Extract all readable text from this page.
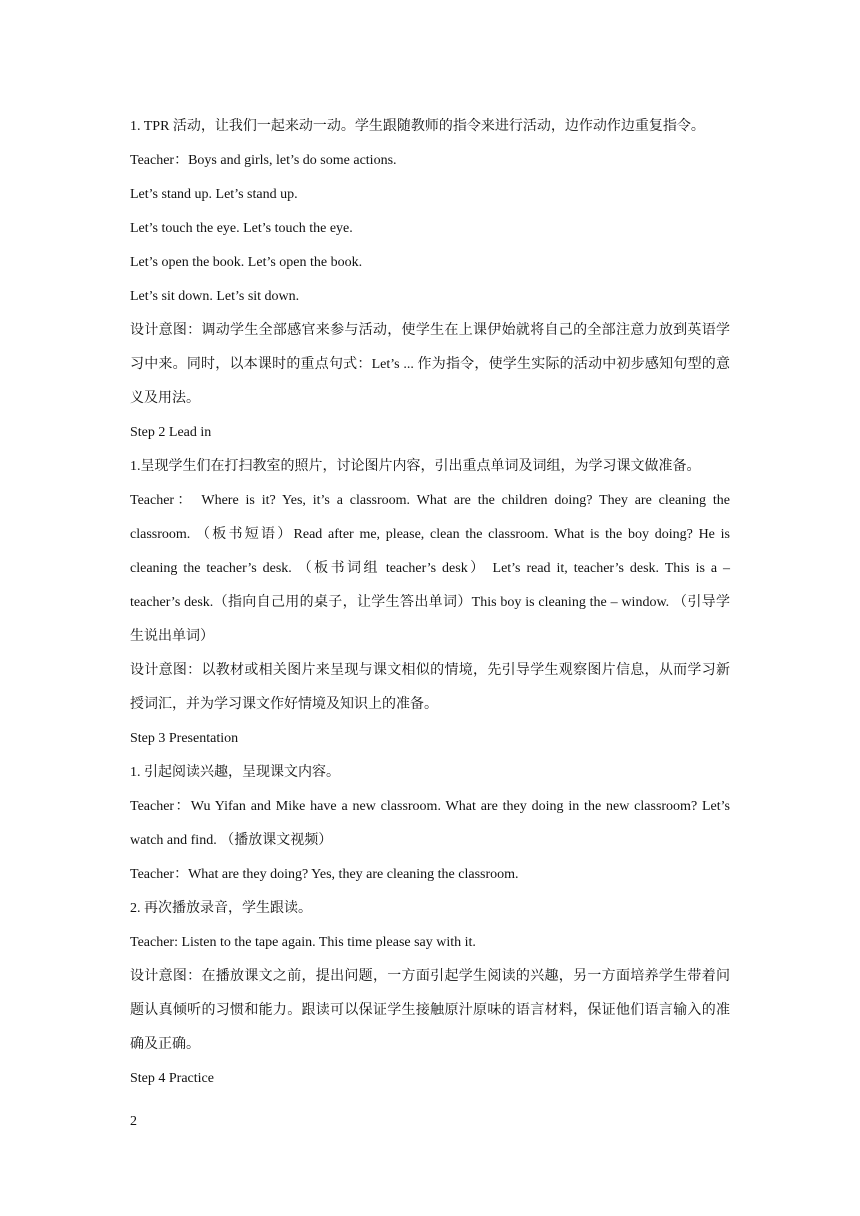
1. TPR 活动，让我们一起来动一动。学生跟随教师的指令来进行活动，边作动作边重复指令。

Teacher：Boys and girls, let’s do some actions.

Let’s stand up. Let’s stand up.

Let’s touch the eye. Let’s touch the eye.

Let’s open the book. Let’s open the book.

Let’s sit down. Let’s sit down.

设计意图：调动学生全部感官来参与活动，使学生在上课伊始就将自己的全部注意力放到英语学习中来。同时，以本课时的重点句式：Let’s ... 作为指令，使学生实际的活动中初步感知句型的意义及用法。

Step 2 Lead in

1.呈现学生们在打扫教室的照片，讨论图片内容，引出重点单词及词组，为学习课文做准备。

Teacher： Where is it? Yes, it’s a classroom. What are the children doing? They are cleaning the classroom. （板书短语）Read after me, please, clean the classroom. What is the boy doing? He is cleaning the teacher’s desk. （板书词组 teacher’s desk） Let’s read it, teacher’s desk. This is a – teacher’s desk.（指向自己用的桌子，让学生答出单词）This boy is cleaning the – window. （引导学生说出单词）

设计意图：以教材或相关图片来呈现与课文相似的情境，先引导学生观察图片信息，从而学习新授词汇，并为学习课文作好情境及知识上的准备。

Step 3 Presentation

1. 引起阅读兴趣，呈现课文内容。

Teacher：Wu Yifan and Mike have a new classroom. What are they doing in the new classroom? Let’s watch and find. （播放课文视频）

Teacher：What are they doing? Yes, they are cleaning the classroom.

2. 再次播放录音，学生跟读。

Teacher: Listen to the tape again. This time please say with it.

设计意图：在播放课文之前，提出问题，一方面引起学生阅读的兴趣，另一方面培养学生带着问题认真倾听的习惯和能力。跟读可以保证学生接触原汁原味的语言材料，保证他们语言输入的准确及正确。

Step 4 Practice

2
